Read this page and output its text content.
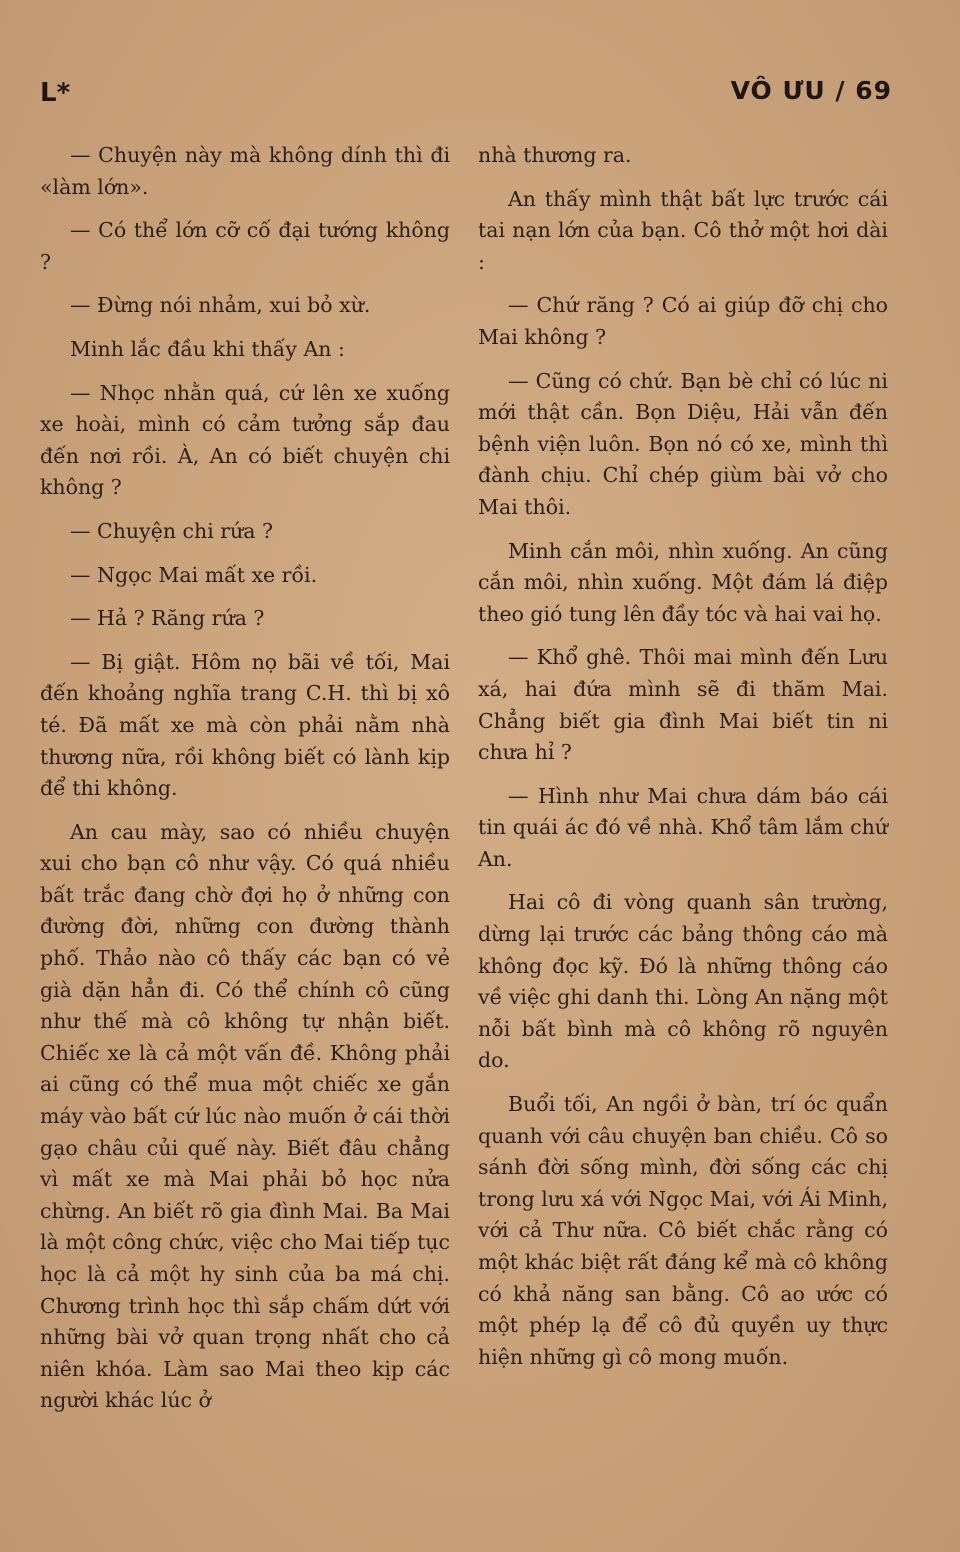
L*	VÔ ƯU / 69

— Chuyện này mà không dính thì đi «làm lớn».

— Có thể lớn cỡ cố đại tướng không ?

— Đừng nói nhảm, xui bỏ xừ.

Minh lắc đầu khi thấy An :

— Nhọc nhằn quá, cứ lên xe xuống xe hoài, mình có cảm tưởng sắp đau đến nơi rồi. À, An có biết chuyện chi không ?

— Chuyện chi rứa ?

— Ngọc Mai mất xe rồi.

— Hả ? Răng rứa ?

— Bị giật. Hôm nọ bãi về tối, Mai đến khoảng nghĩa trang C.H. thì bị xô té. Đã mất xe mà còn phải nằm nhà thương nữa, rồi không biết có lành kịp để thi không.

An cau mày, sao có nhiều chuyện xui cho bạn cô như vậy. Có quá nhiều bất trắc đang chờ đợi họ ở những con đường đời, những con đường thành phố. Thảo nào cô thấy các bạn có vẻ già dặn hẳn đi. Có thể chính cô cũng như thế mà cô không tự nhận biết. Chiếc xe là cả một vấn đề. Không phải ai cũng có thể mua một chiếc xe gắn máy vào bất cứ lúc nào muốn ở cái thời gạo châu củi quế này. Biết đâu chẳng vì mất xe mà Mai phải bỏ học nửa chừng. An biết rõ gia đình Mai. Ba Mai là một công chức, việc cho Mai tiếp tục học là cả một hy sinh của ba má chị. Chương trình học thì sắp chấm dứt với những bài vở quan trọng nhất cho cả niên khóa. Làm sao Mai theo kịp các người khác lúc ở

nhà thương ra.

An thấy mình thật bất lực trước cái tai nạn lớn của bạn. Cô thở một hơi dài :

— Chứ răng ? Có ai giúp đỡ chị cho Mai không ?

— Cũng có chứ. Bạn bè chỉ có lúc ni mới thật cần. Bọn Diệu, Hải vẫn đến bệnh viện luôn. Bọn nó có xe, mình thì đành chịu. Chỉ chép giùm bài vở cho Mai thôi.

Minh cắn môi, nhìn xuống. An cũng cắn môi, nhìn xuống. Một đám lá điệp theo gió tung lên đầy tóc và hai vai họ.

— Khổ ghê. Thôi mai mình đến Lưu xá, hai đứa mình sẽ đi thăm Mai. Chẳng biết gia đình Mai biết tin ni chưa hỉ ?

— Hình như Mai chưa dám báo cái tin quái ác đó về nhà. Khổ tâm lắm chứ An.

Hai cô đi vòng quanh sân trường, dừng lại trước các bảng thông cáo mà không đọc kỹ. Đó là những thông cáo về việc ghi danh thi. Lòng An nặng một nỗi bất bình mà cô không rõ nguyên do.

Buổi tối, An ngồi ở bàn, trí óc quẩn quanh với câu chuyện ban chiều. Cô so sánh đời sống mình, đời sống các chị trong lưu xá với Ngọc Mai, với Ái Minh, với cả Thư nữa. Cô biết chắc rằng có một khác biệt rất đáng kể mà cô không có khả năng san bằng. Cô ao ước có một phép lạ để cô đủ quyền uy thực hiện những gì cô mong muốn.
